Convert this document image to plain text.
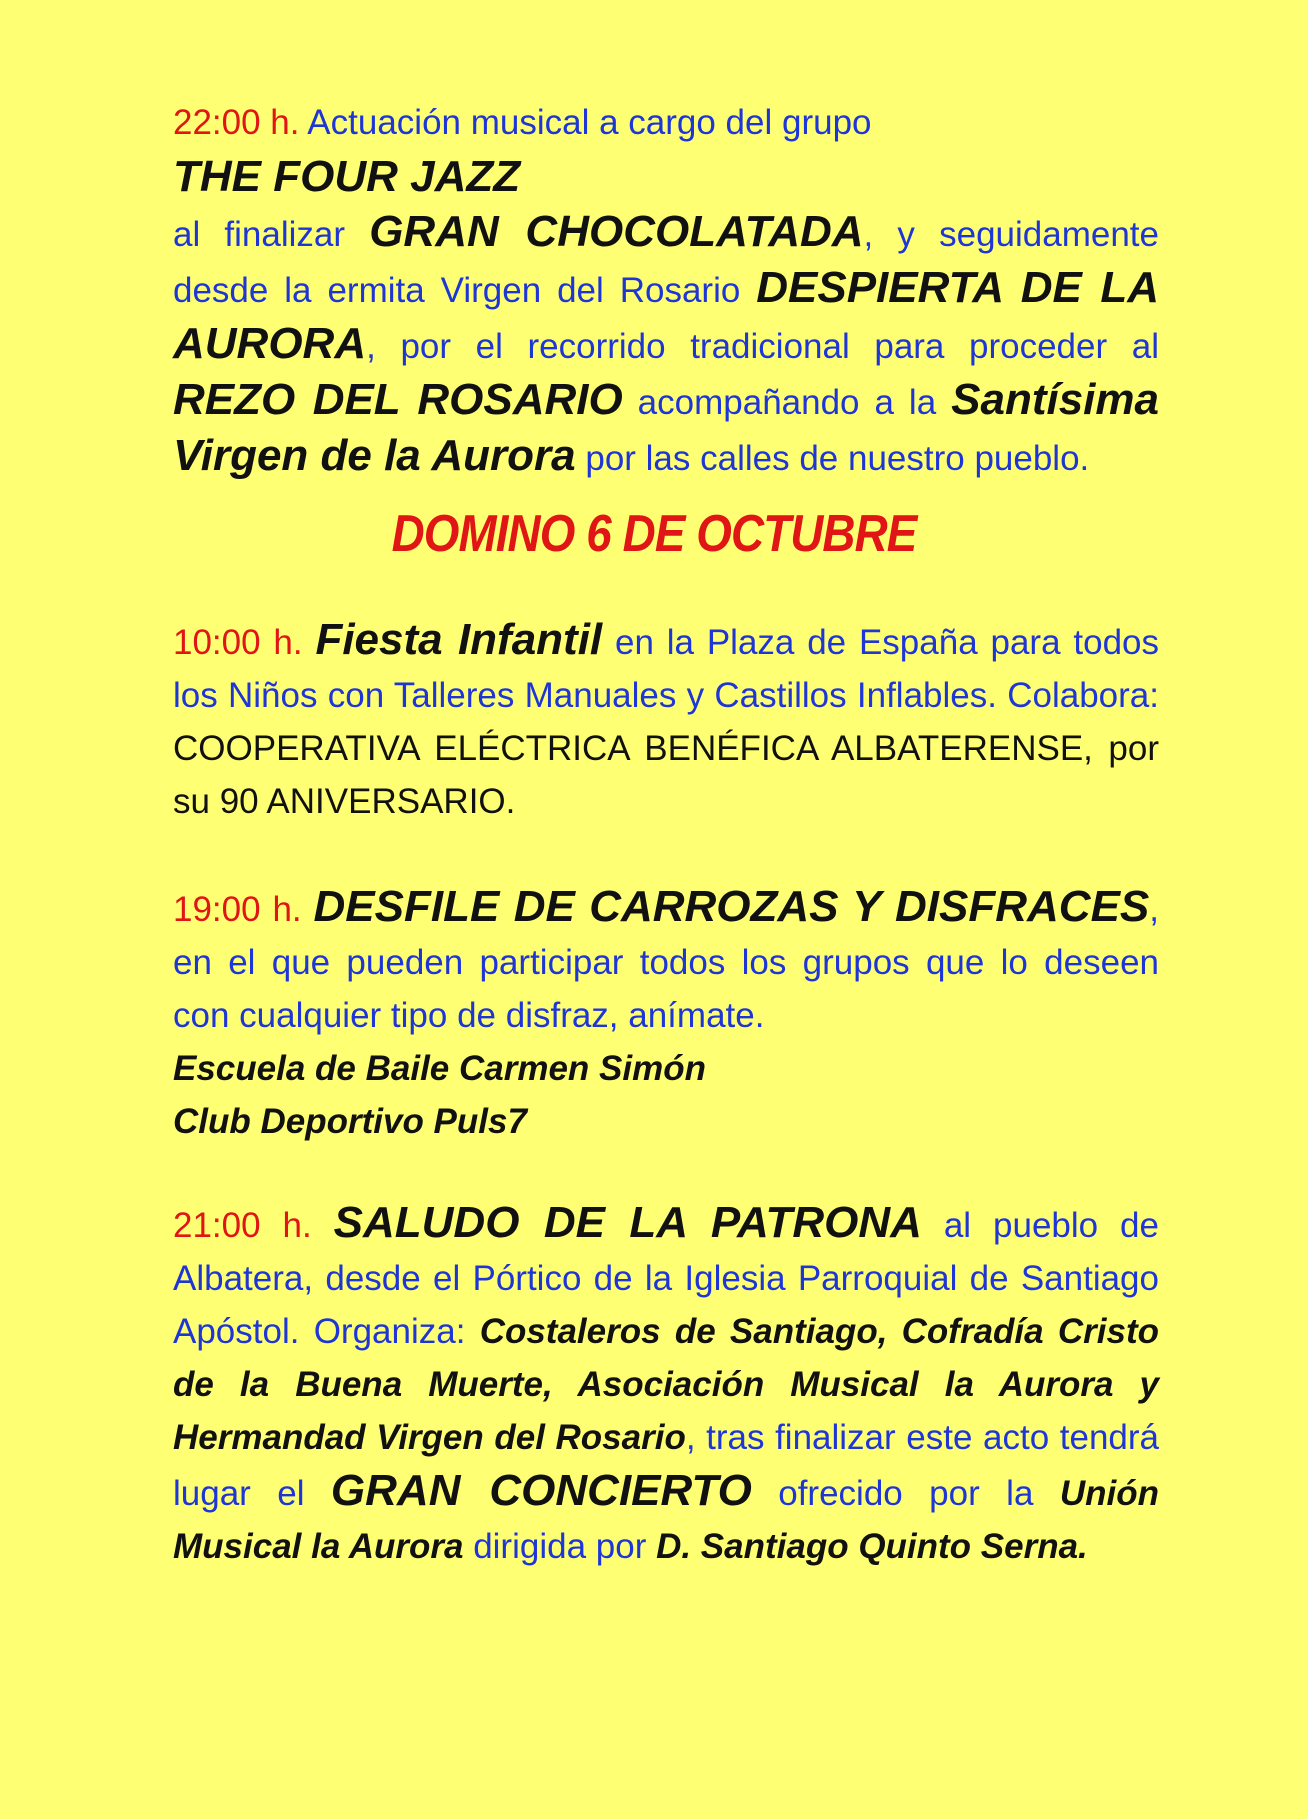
22:00 h. Actuación musical a cargo del grupo
THE FOUR JAZZ
al finalizar GRAN CHOCOLATADA, y seguidamente desde la ermita Virgen del Rosario DESPIERTA DE LA AURORA, por el recorrido tradicional para proceder al REZO DEL ROSARIO acompañando a la Santísima Virgen de la Aurora por las calles de nuestro pueblo.
DOMINO 6 DE OCTUBRE
10:00 h. Fiesta Infantil en la Plaza de España para todos los Niños con Talleres Manuales y Castillos Inflables. Colabora: COOPERATIVA ELÉCTRICA BENÉFICA ALBATERENSE, por su 90 ANIVERSARIO.
19:00 h. DESFILE DE CARROZAS Y DISFRACES, en el que pueden participar todos los grupos que lo deseen con cualquier tipo de disfraz, anímate.
Escuela de Baile Carmen Simón
Club Deportivo Puls7
21:00 h. SALUDO DE LA PATRONA al pueblo de Albatera, desde el Pórtico de la Iglesia Parroquial de Santiago Apóstol. Organiza: Costaleros de Santiago, Cofradía Cristo de la Buena Muerte, Asociación Musical la Aurora y Hermandad Virgen del Rosario, tras finalizar este acto tendrá lugar el GRAN CONCIERTO ofrecido por la Unión Musical la Aurora dirigida por D. Santiago Quinto Serna.
